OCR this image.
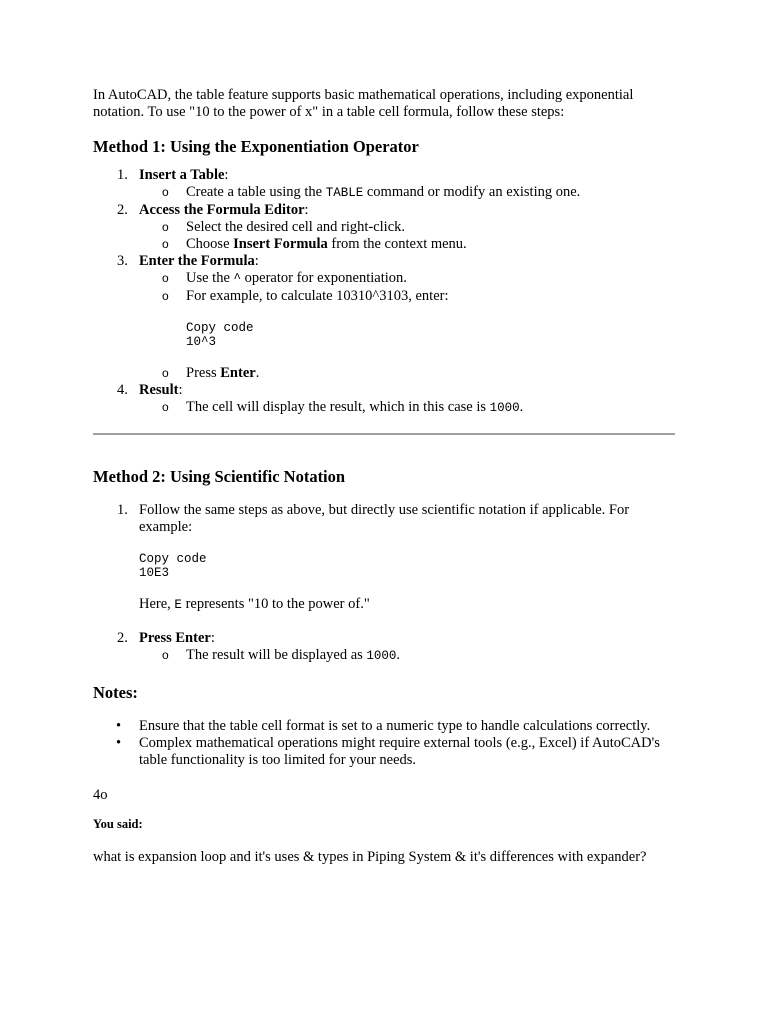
In AutoCAD, the table feature supports basic mathematical operations, including exponential notation. To use "10 to the power of x" in a table cell formula, follow these steps:

Method 1: Using the Exponentiation Operator
1. Insert a Table:
o Create a table using the TABLE command or modify an existing one.
2. Access the Formula Editor:
o Select the desired cell and right-click.
o Choose Insert Formula from the context menu.
3. Enter the Formula:
o Use the ^ operator for exponentiation.
o For example, to calculate 10310^3103, enter:
Copy code
10^3
o Press Enter.
4. Result:
o The cell will display the result, which in this case is 1000.
Method 2: Using Scientific Notation
1. Follow the same steps as above, but directly use scientific notation if applicable. For example:
Copy code
10E3
Here, E represents "10 to the power of."
2. Press Enter:
o The result will be displayed as 1000.
Notes:
• Ensure that the table cell format is set to a numeric type to handle calculations correctly.
• Complex mathematical operations might require external tools (e.g., Excel) if AutoCAD's table functionality is too limited for your needs.

4o

You said:

what is expansion loop and it's uses & types in Piping System & it's differences with expander?
